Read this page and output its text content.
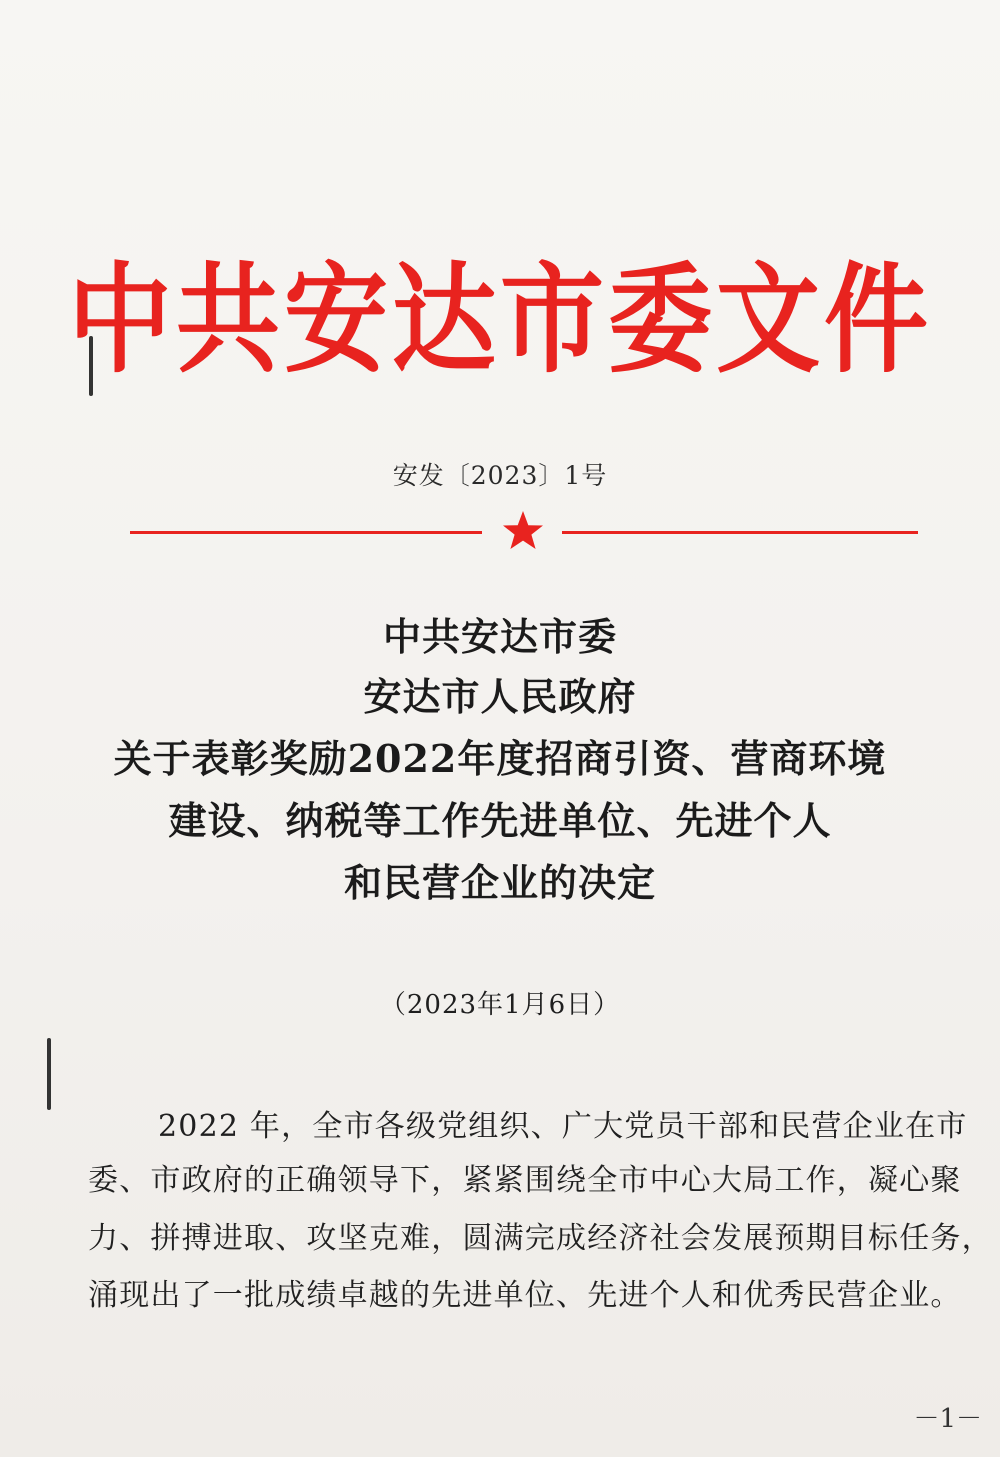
中共安达市委文件
安发〔2023〕1号
中共安达市委
安达市人民政府
关于表彰奖励2022年度招商引资、营商环境
建设、纳税等工作先进单位、先进个人
和民营企业的决定
（2023年1月6日）
2022 年，全市各级党组织、广大党员干部和民营企业在市
委、市政府的正确领导下，紧紧围绕全市中心大局工作，凝心聚
力、拼搏进取、攻坚克难，圆满完成经济社会发展预期目标任务，
涌现出了一批成绩卓越的先进单位、先进个人和优秀民营企业。
－1－
